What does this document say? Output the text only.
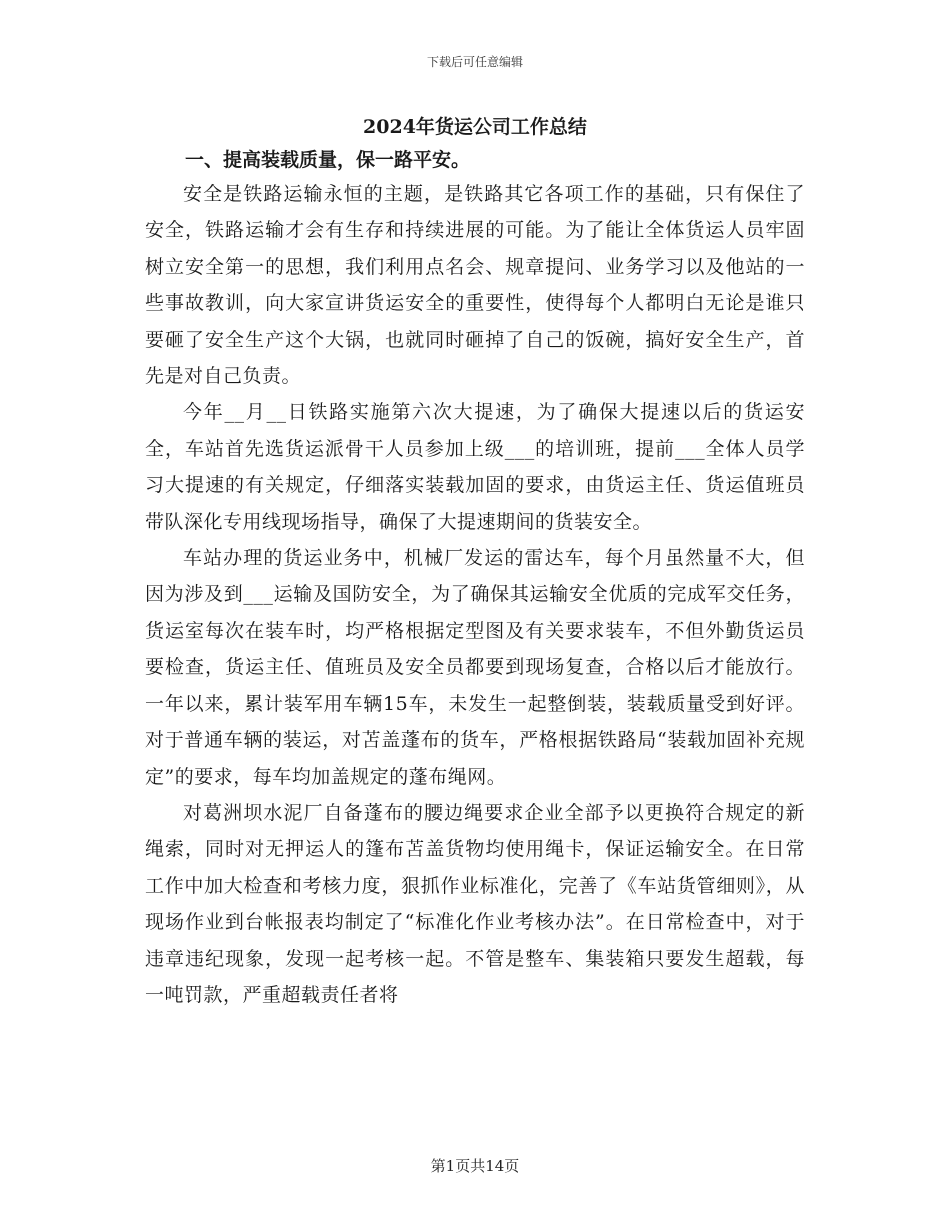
下载后可任意编辑
2024年货运公司工作总结
一、提高装载质量，保一路平安。

安全是铁路运输永恒的主题，是铁路其它各项工作的基础，只有保住了安全，铁路运输才会有生存和持续进展的可能。为了能让全体货运人员牢固树立安全第一的思想，我们利用点名会、规章提问、业务学习以及他站的一些事故教训，向大家宣讲货运安全的重要性，使得每个人都明白无论是谁只要砸了安全生产这个大锅，也就同时砸掉了自己的饭碗，搞好安全生产，首先是对自己负责。

今年__月__日铁路实施第六次大提速，为了确保大提速以后的货运安全，车站首先选货运派骨干人员参加上级___的培训班，提前___全体人员学习大提速的有关规定，仔细落实装载加固的要求，由货运主任、货运值班员带队深化专用线现场指导，确保了大提速期间的货装安全。

车站办理的货运业务中，机械厂发运的雷达车，每个月虽然量不大，但因为涉及到___运输及国防安全，为了确保其运输安全优质的完成军交任务，货运室每次在装车时，均严格根据定型图及有关要求装车，不但外勤货运员要检查，货运主任、值班员及安全员都要到现场复查，合格以后才能放行。一年以来，累计装军用车辆15车，未发生一起整倒装，装载质量受到好评。对于普通车辆的装运，对苫盖蓬布的货车，严格根据铁路局“装载加固补充规定”的要求，每车均加盖规定的蓬布绳网。

对葛洲坝水泥厂自备蓬布的腰边绳要求企业全部予以更换符合规定的新绳索，同时对无押运人的篷布苫盖货物均使用绳卡，保证运输安全。在日常工作中加大检查和考核力度，狠抓作业标准化，完善了《车站货管细则》，从现场作业到台帐报表均制定了“标准化作业考核办法”。在日常检查中，对于违章违纪现象，发现一起考核一起。不管是整车、集装箱只要发生超载，每一吨罚款，严重超载责任者将

第1页共14页
